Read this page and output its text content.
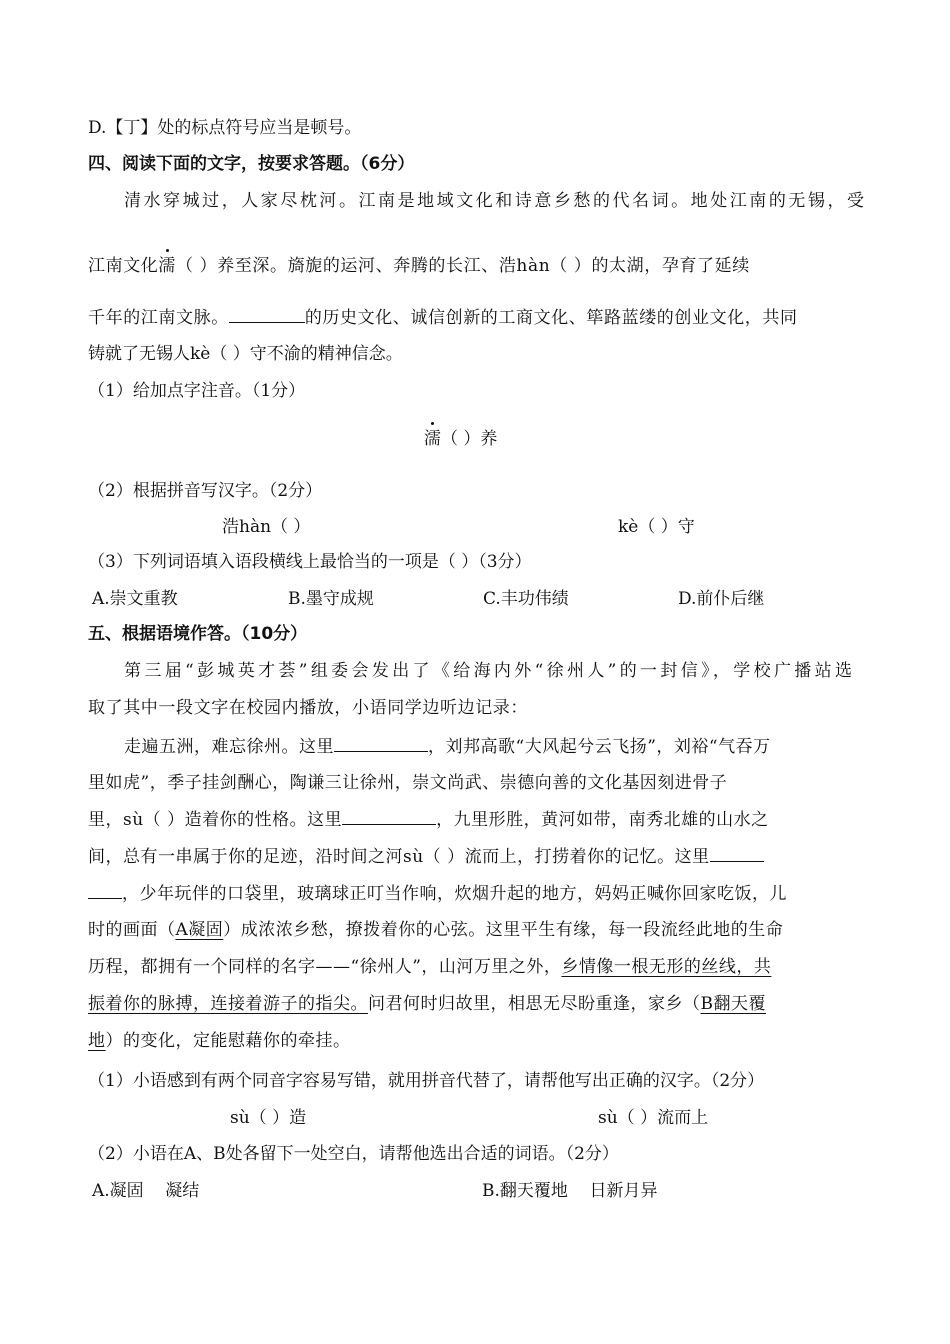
D.【丁】处的标点符号应当是顿号。
四、阅读下面的文字，按要求答题。（6分）
清水穿城过，人家尽枕河。江南是地域文化和诗意乡愁的代名词。地处江南的无锡，受
江南文化濡（ ）养至深。旖旎的运河、奔腾的长江、浩hàn（ ）的太湖，孕育了延续
千年的江南文脉。	的历史文化、诚信创新的工商文化、筚路蓝缕的创业文化，共同
铸就了无锡人kè（ ）守不渝的精神信念。
（1）给加点字注音。（1分）
濡（ ）养
（2）根据拼音写汉字。（2分）
浩hàn（ ）	kè（ ）守
（3）下列词语填入语段横线上最恰当的一项是（ ）（3分）
A.崇文重教	B.墨守成规	C.丰功伟绩	D.前仆后继
五、根据语境作答。（10分）
第三届“彭城英才荟”组委会发出了《给海内外“徐州人”的一封信》，学校广播站选
取了其中一段文字在校园内播放，小语同学边听边记录：
走遍五洲，难忘徐州。这里	，刘邦高歌“大风起兮云飞扬”，刘裕“气吞万
里如虎”，季子挂剑酬心，陶谦三让徐州，崇文尚武、崇德向善的文化基因刻进骨子
里，sù（ ）造着你的性格。这里	，九里形胜，黄河如带，南秀北雄的山水之
间，总有一串属于你的足迹，沿时间之河sù（ ）流而上，打捞着你的记忆。这里
，少年玩伴的口袋里，玻璃球正叮当作响，炊烟升起的地方，妈妈正喊你回家吃饭，儿
时的画面（A凝固）成浓浓乡愁，撩拨着你的心弦。这里平生有缘，每一段流经此地的生命
历程，都拥有一个同样的名字——“徐州人”，山河万里之外，乡情像一根无形的丝线，共
振着你的脉搏，连接着游子的指尖。问君何时归故里，相思无尽盼重逢，家乡（B翻天覆
地）的变化，定能慰藉你的牵挂。
（1）小语感到有两个同音字容易写错，就用拼音代替了，请帮他写出正确的汉字。（2分）
sù（ ）造	sù（ ）流而上
（2）小语在A、B处各留下一处空白，请帮他选出合适的词语。（2分）
A.凝固    凝结	B.翻天覆地    日新月异
